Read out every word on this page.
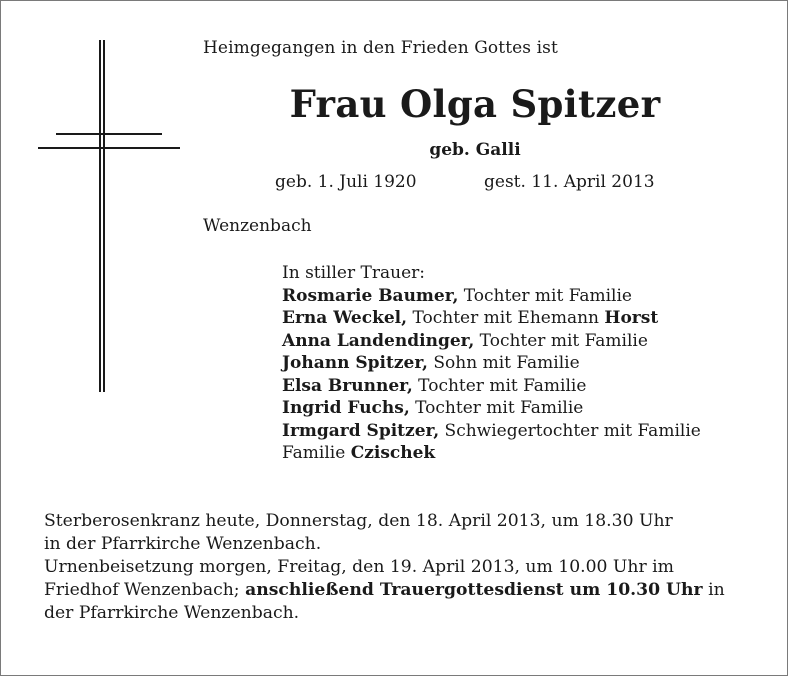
Heimgegangen in den Frieden Gottes ist
Frau Olga Spitzer
geb. Galli
geb. 1. Juli 1920	gest. 11. April 2013
Wenzenbach
In stiller Trauer:
Rosmarie Baumer, Tochter mit Familie
Erna Weckel, Tochter mit Ehemann Horst
Anna Landendinger, Tochter mit Familie
Johann Spitzer, Sohn mit Familie
Elsa Brunner, Tochter mit Familie
Ingrid Fuchs, Tochter mit Familie
Irmgard Spitzer, Schwiegertochter mit Familie
Familie Czischek
Sterberosenkranz heute, Donnerstag, den 18. April 2013, um 18.30 Uhr
in der Pfarrkirche Wenzenbach.
Urnenbeisetzung morgen, Freitag, den 19. April 2013, um 10.00 Uhr im
Friedhof Wenzenbach; anschließend Trauergottesdienst um 10.30 Uhr in
der Pfarrkirche Wenzenbach.
